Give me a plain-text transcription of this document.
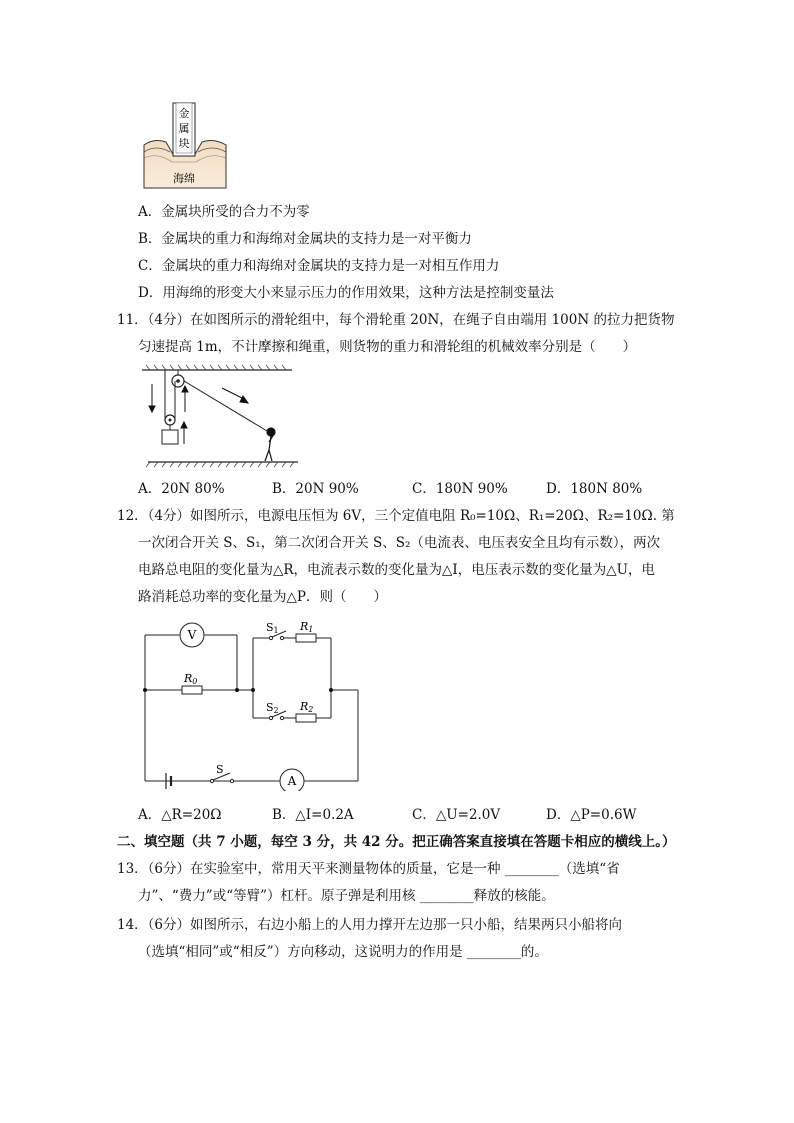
金
属
块
海绵
A．金属块所受的合力不为零
B．金属块的重力和海绵对金属块的支持力是一对平衡力
C．金属块的重力和海绵对金属块的支持力是一对相互作用力
D．用海绵的形变大小来显示压力的作用效果，这种方法是控制变量法
11．（4分）在如图所示的滑轮组中，每个滑轮重 20N，在绳子自由端用 100N 的拉力把货物
匀速提高 1m，不计摩擦和绳重，则货物的重力和滑轮组的机械效率分别是（　　）
A．20N 80%	B．20N 90%	C．180N 90%	D．180N 80%
12．（4分）如图所示，电源电压恒为 6V，三个定值电阻 R₀=10Ω、R₁=20Ω、R₂=10Ω. 第
一次闭合开关 S、S₁，第二次闭合开关 S、S₂（电流表、电压表安全且均有示数），两次
电路总电阻的变化量为△R，电流表示数的变化量为△I，电压表示数的变化量为△U，电
路消耗总功率的变化量为△P．则（　　）
S
A
V
R0
S1 R1
S2 R2
A．△R=20Ω	B．△I=0.2A	C．△U=2.0V	D．△P=0.6W
二、填空题（共 7 小题，每空 3 分，共 42 分。把正确答案直接填在答题卡相应的横线上。）
13．（6分）在实验室中，常用天平来测量物体的质量，它是一种 ________（选填“省
力”、“费力”或“等臂”）杠杆。原子弹是利用核 ________释放的核能。
14．（6分）如图所示，右边小船上的人用力撑开左边那一只小船，结果两只小船将向
（选填“相同”或“相反”）方向移动，这说明力的作用是 ________的。
